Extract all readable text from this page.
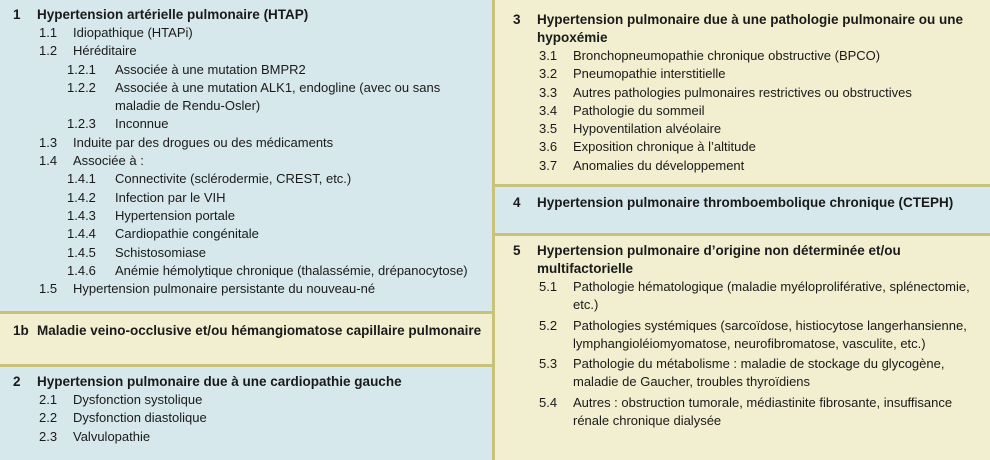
1	Hypertension artérielle pulmonaire (HTAP)
1.1	Idiopathique (HTAPi)
1.2	Héréditaire
1.2.1	Associée à une mutation BMPR2
1.2.2	Associée à une mutation ALK1, endogline (avec ou sans maladie de Rendu-Osler)
1.2.3	Inconnue
1.3	Induite par des drogues ou des médicaments
1.4	Associée à :
1.4.1	Connectivite (sclérodermie, CREST, etc.)
1.4.2	Infection par le VIH
1.4.3	Hypertension portale
1.4.4	Cardiopathie congénitale
1.4.5	Schistosomiase
1.4.6	Anémie hémolytique chronique (thalassémie, drépanocytose)
1.5	Hypertension pulmonaire persistante du nouveau-né
1b Maladie veino-occlusive et/ou hémangiomatose capillaire pulmonaire
2	Hypertension pulmonaire due à une cardiopathie gauche
2.1	Dysfonction systolique
2.2	Dysfonction diastolique
2.3	Valvulopathie
3	Hypertension pulmonaire due à une pathologie pulmonaire ou une hypoxémie
3.1	Bronchopneumopathie chronique obstructive (BPCO)
3.2	Pneumopathie interstitielle
3.3	Autres pathologies pulmonaires restrictives ou obstructives
3.4	Pathologie du sommeil
3.5	Hypoventilation alvéolaire
3.6	Exposition chronique à l’altitude
3.7	Anomalies du développement
4	Hypertension pulmonaire thromboembolique chronique (CTEPH)
5	Hypertension pulmonaire d’origine non déterminée et/ou multifactorielle
5.1	Pathologie hématologique (maladie myéloproliférative, splénectomie, etc.)
5.2	Pathologies systémiques (sarcoïdose, histiocytose langerhansienne, lymphangioléiomyomatose, neurofibromatose, vasculite, etc.)
5.3	Pathologie du métabolisme : maladie de stockage du glycogène, maladie de Gaucher, troubles thyroïdiens
5.4	Autres : obstruction tumorale, médiastinite fibrosante, insuffisance rénale chronique dialysée
